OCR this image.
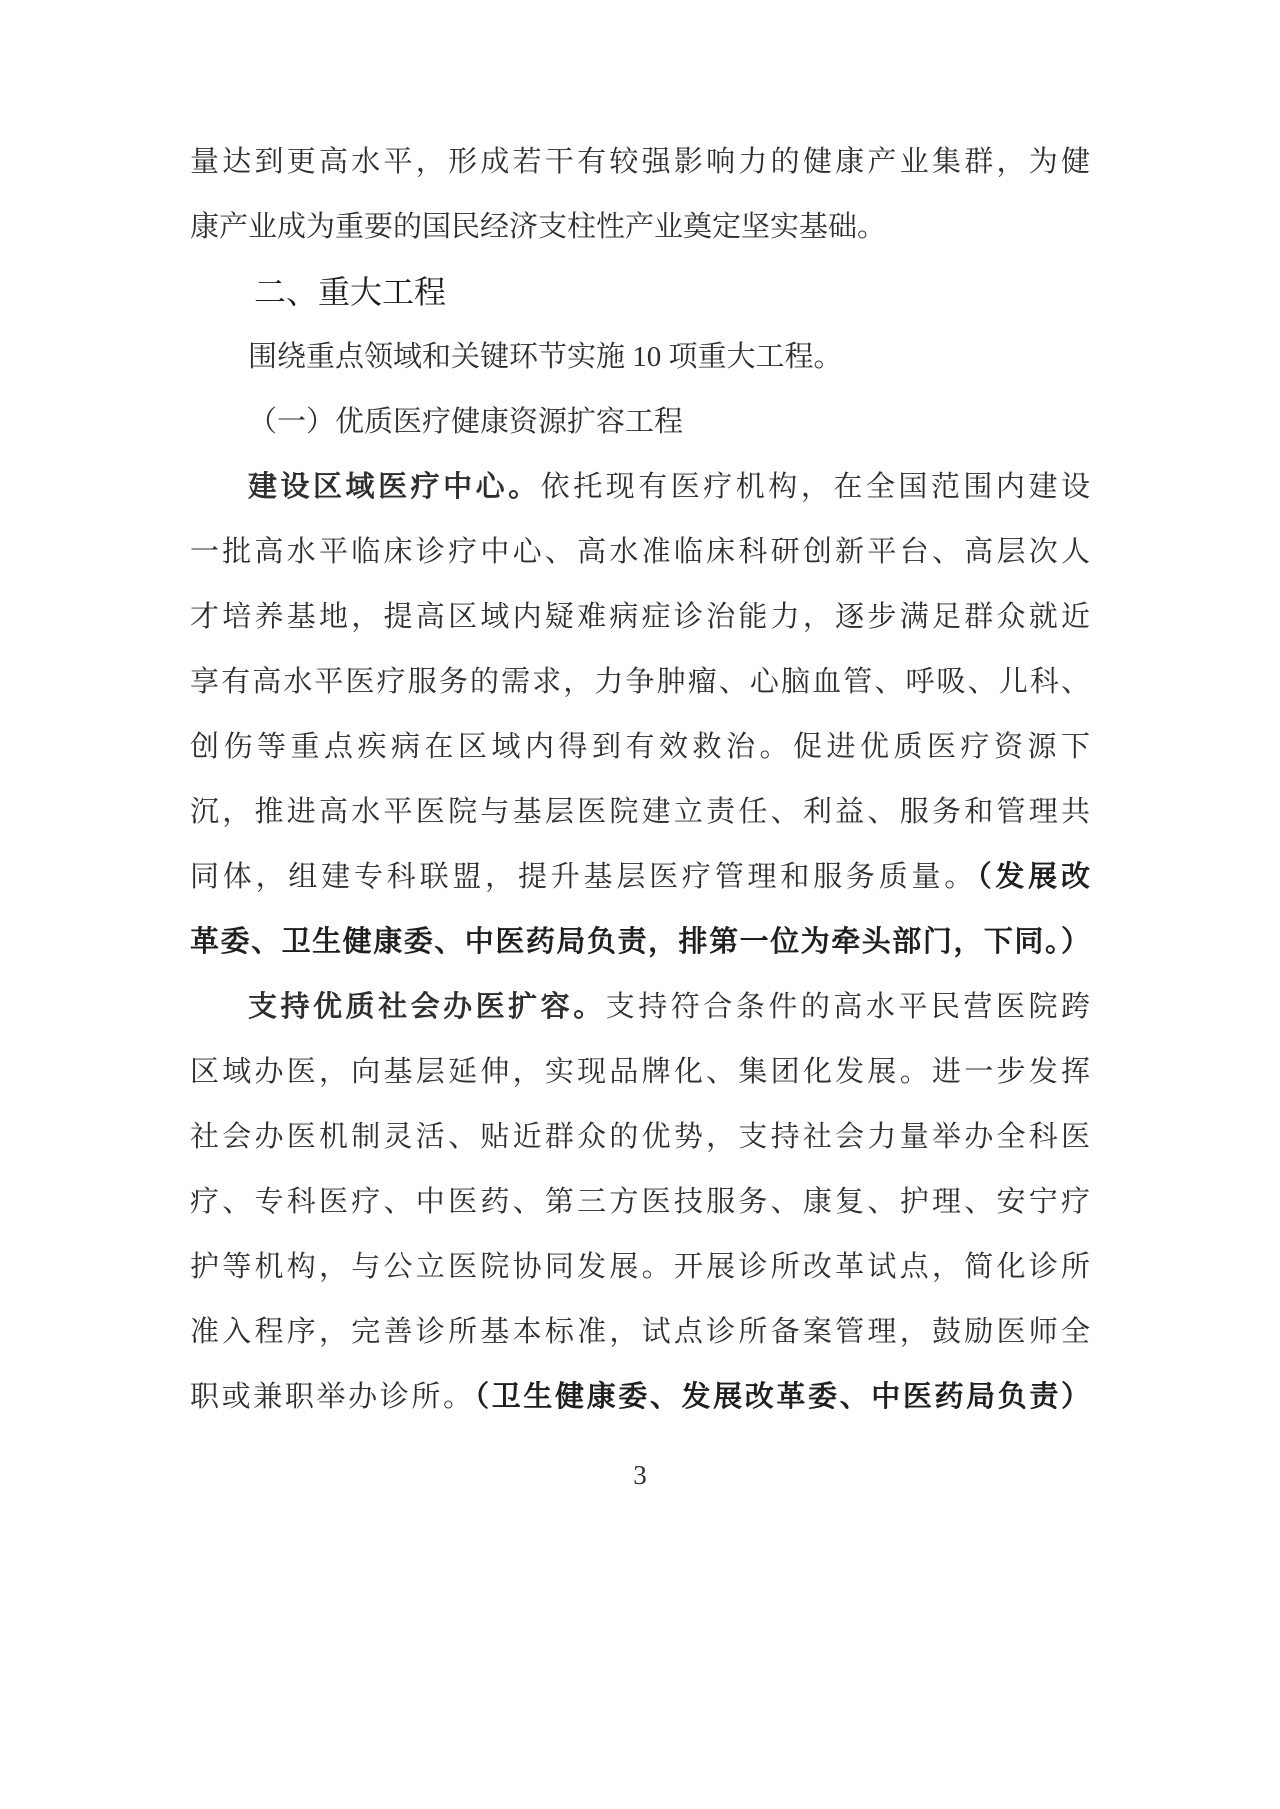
量达到更高水平，形成若干有较强影响力的健康产业集群，为健
康产业成为重要的国民经济支柱性产业奠定坚实基础。
二、重大工程
围绕重点领域和关键环节实施 10 项重大工程。
（一）优质医疗健康资源扩容工程
建设区域医疗中心。依托现有医疗机构，在全国范围内建设
一批高水平临床诊疗中心、高水准临床科研创新平台、高层次人
才培养基地，提高区域内疑难病症诊治能力，逐步满足群众就近
享有高水平医疗服务的需求，力争肿瘤、心脑血管、呼吸、儿科、
创伤等重点疾病在区域内得到有效救治。促进优质医疗资源下
沉，推进高水平医院与基层医院建立责任、利益、服务和管理共
同体，组建专科联盟，提升基层医疗管理和服务质量。（发展改
革委、卫生健康委、中医药局负责，排第一位为牵头部门，下同。）
支持优质社会办医扩容。支持符合条件的高水平民营医院跨
区域办医，向基层延伸，实现品牌化、集团化发展。进一步发挥
社会办医机制灵活、贴近群众的优势，支持社会力量举办全科医
疗、专科医疗、中医药、第三方医技服务、康复、护理、安宁疗
护等机构，与公立医院协同发展。开展诊所改革试点，简化诊所
准入程序，完善诊所基本标准，试点诊所备案管理，鼓励医师全
职或兼职举办诊所。（卫生健康委、发展改革委、中医药局负责）
3
